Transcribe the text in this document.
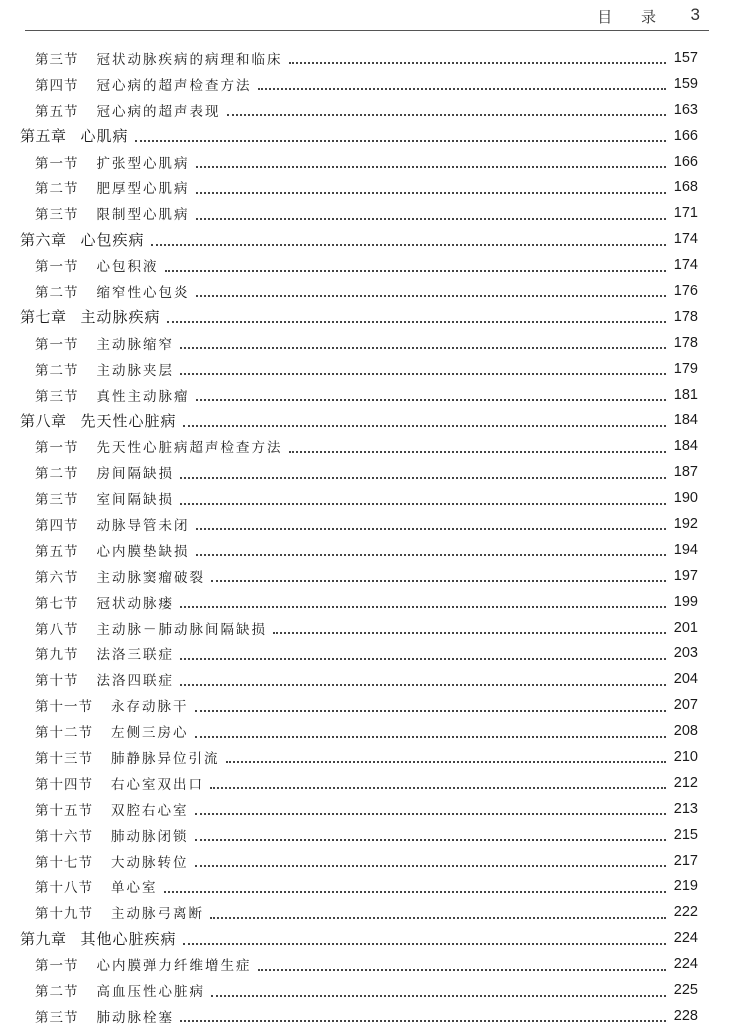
目 录 3
第三节 冠状动脉疾病的病理和临床	157
第四节 冠心病的超声检查方法	159
第五节 冠心病的超声表现	163
第五章 心肌病	166
第一节 扩张型心肌病	166
第二节 肥厚型心肌病	168
第三节 限制型心肌病	171
第六章 心包疾病	174
第一节 心包积液	174
第二节 缩窄性心包炎	176
第七章 主动脉疾病	178
第一节 主动脉缩窄	178
第二节 主动脉夹层	179
第三节 真性主动脉瘤	181
第八章 先天性心脏病	184
第一节 先天性心脏病超声检查方法	184
第二节 房间隔缺损	187
第三节 室间隔缺损	190
第四节 动脉导管未闭	192
第五节 心内膜垫缺损	194
第六节 主动脉窦瘤破裂	197
第七节 冠状动脉瘘	199
第八节 主动脉－肺动脉间隔缺损	201
第九节 法洛三联症	203
第十节 法洛四联症	204
第十一节 永存动脉干	207
第十二节 左侧三房心	208
第十三节 肺静脉异位引流	210
第十四节 右心室双出口	212
第十五节 双腔右心室	213
第十六节 肺动脉闭锁	215
第十七节 大动脉转位	217
第十八节 单心室	219
第十九节 主动脉弓离断	222
第九章 其他心脏疾病	224
第一节 心内膜弹力纤维增生症	224
第二节 高血压性心脏病	225
第三节 肺动脉栓塞	228
